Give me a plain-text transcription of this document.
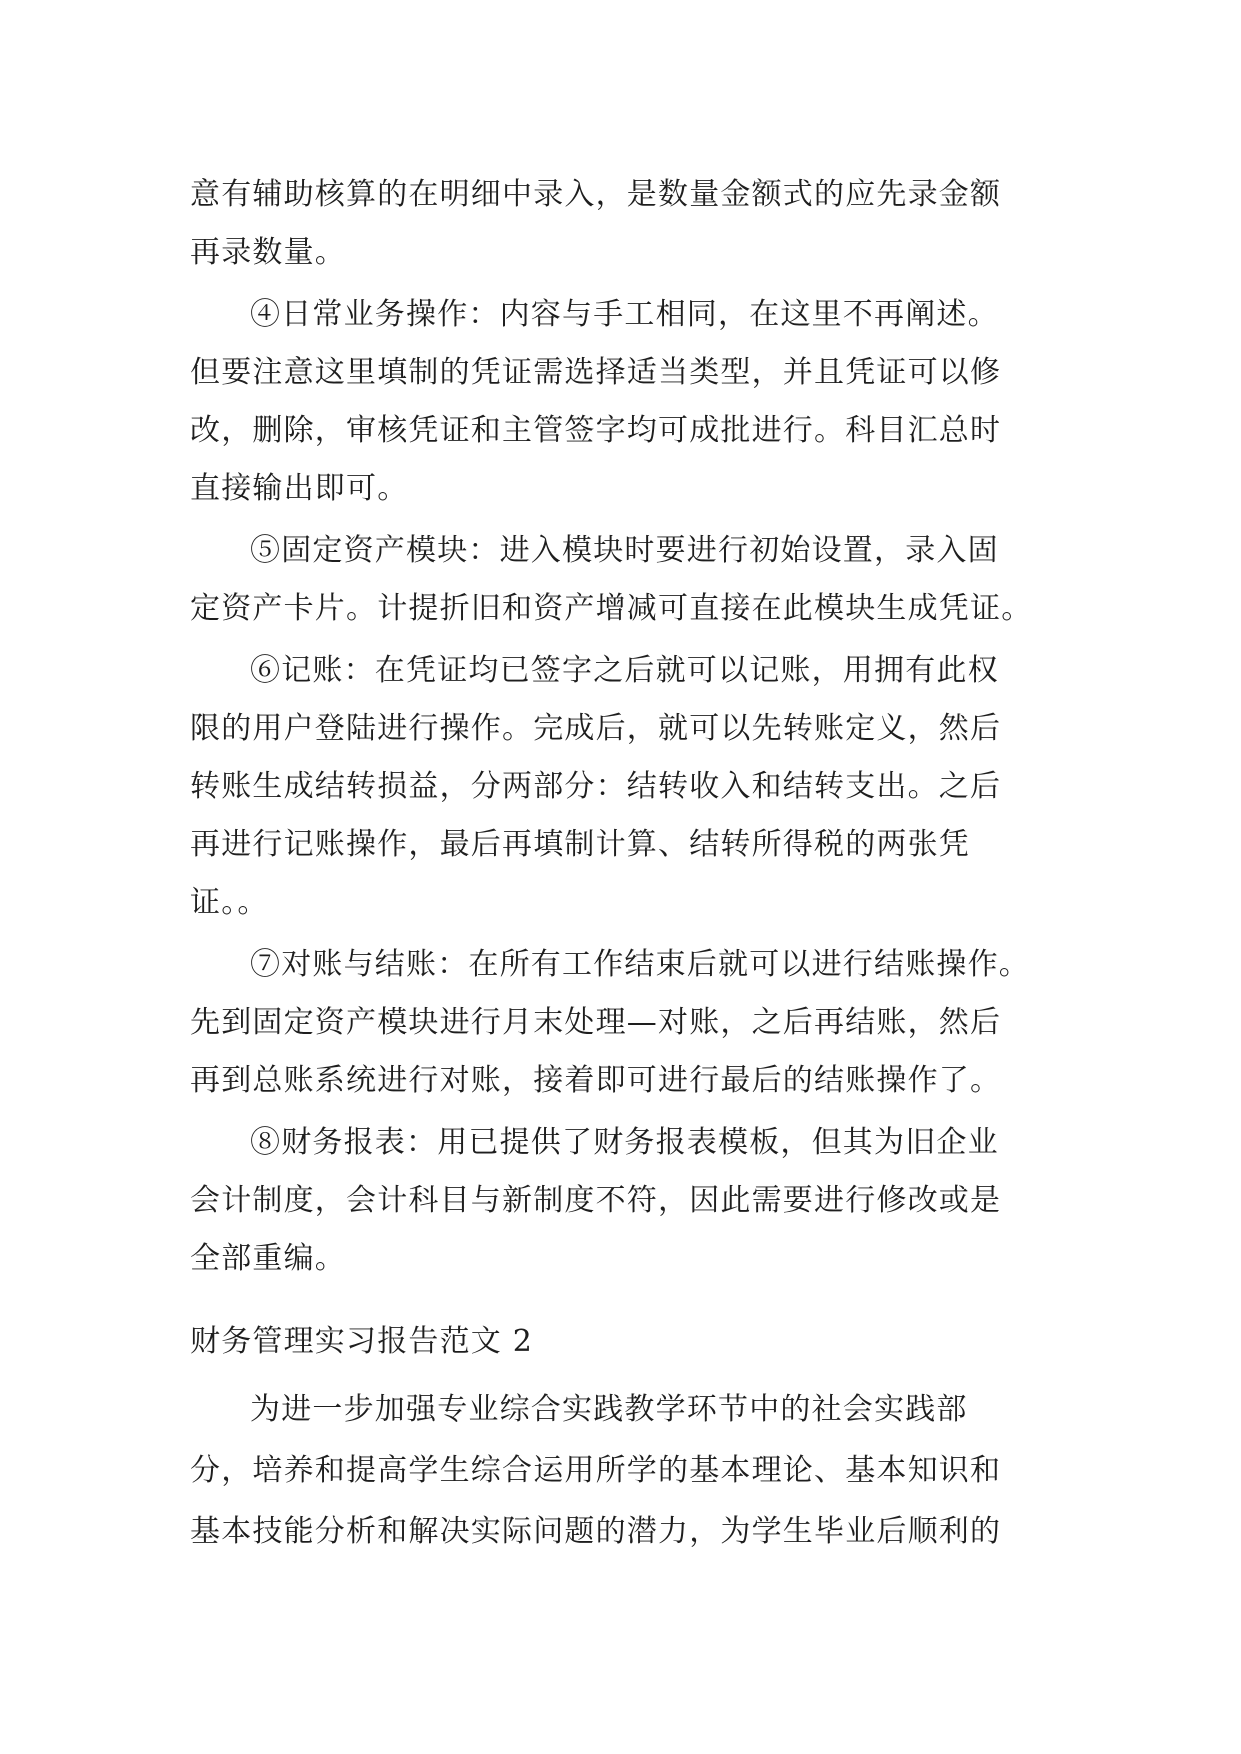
意有辅助核算的在明细中录入，是数量金额式的应先录金额
再录数量。
④日常业务操作：内容与手工相同，在这里不再阐述。
但要注意这里填制的凭证需选择适当类型，并且凭证可以修
改，删除，审核凭证和主管签字均可成批进行。科目汇总时
直接输出即可。
⑤固定资产模块：进入模块时要进行初始设置，录入固
定资产卡片。计提折旧和资产增减可直接在此模块生成凭证。
⑥记账：在凭证均已签字之后就可以记账，用拥有此权
限的用户登陆进行操作。完成后，就可以先转账定义，然后
转账生成结转损益，分两部分：结转收入和结转支出。之后
再进行记账操作，最后再填制计算、结转所得税的两张凭
证。。
⑦对账与结账：在所有工作结束后就可以进行结账操作。
先到固定资产模块进行月末处理—对账，之后再结账，然后
再到总账系统进行对账，接着即可进行最后的结账操作了。
⑧财务报表：用已提供了财务报表模板，但其为旧企业
会计制度，会计科目与新制度不符，因此需要进行修改或是
全部重编。
财务管理实习报告范文 2
为进一步加强专业综合实践教学环节中的社会实践部
分，培养和提高学生综合运用所学的基本理论、基本知识和
基本技能分析和解决实际问题的潜力，为学生毕业后顺利的
